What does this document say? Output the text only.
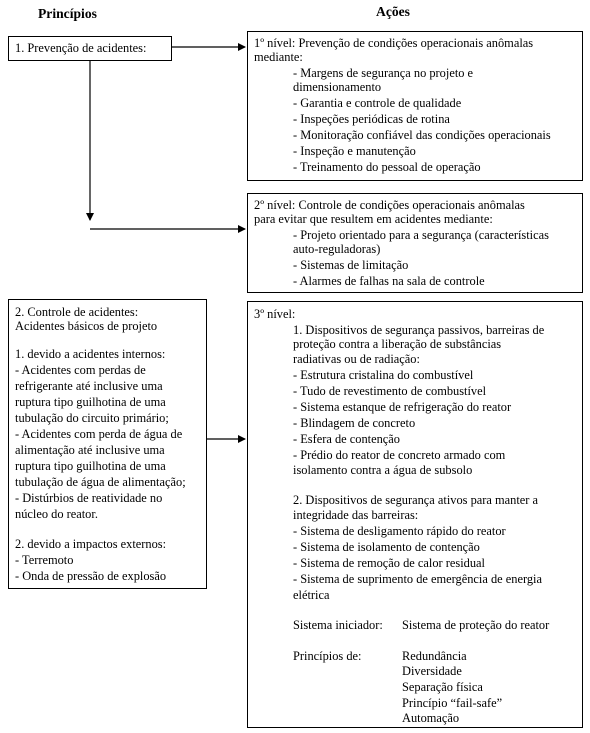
Princípios	Ações
1. Prevenção de acidentes:	1º nível: Prevenção de condições operacionais anômalas
mediante:
- Margens de segurança no projeto e
dimensionamento
- Garantia e controle de qualidade
- Inspeções periódicas de rotina
- Monitoração confiável das condições operacionais
- Inspeção e manutenção
- Treinamento do pessoal de operação
2º nível: Controle de condições operacionais anômalas
para evitar que resultem em acidentes mediante:
- Projeto orientado para a segurança (características
auto-reguladoras)
- Sistemas de limitação
- Alarmes de falhas na sala de controle
2. Controle de acidentes:
Acidentes básicos de projeto
1. devido a acidentes internos:
- Acidentes com perdas de
refrigerante até inclusive uma
ruptura tipo guilhotina de uma
tubulação do circuito primário;
- Acidentes com perda de água de
alimentação até inclusive uma
ruptura tipo guilhotina de uma
tubulação de água de alimentação;
- Distúrbios de reatividade no
núcleo do reator.
2. devido a impactos externos:
- Terremoto
- Onda de pressão de explosão
3º nível:
1. Dispositivos de segurança passivos, barreiras de
proteção contra a liberação de substâncias
radiativas ou de radiação:
- Estrutura cristalina do combustível
- Tudo de revestimento de combustível
- Sistema estanque de refrigeração do reator
- Blindagem de concreto
- Esfera de contenção
- Prédio do reator de concreto armado com
isolamento contra a água de subsolo
2. Dispositivos de segurança ativos para manter a
integridade das barreiras:
- Sistema de desligamento rápido do reator
- Sistema de isolamento de contenção
- Sistema de remoção de calor residual
- Sistema de suprimento de emergência de energia
elétrica
Sistema iniciador: Sistema de proteção do reator
Princípios de:	Redundância
Diversidade
Separação física
Princípio “fail-safe”
Automação
